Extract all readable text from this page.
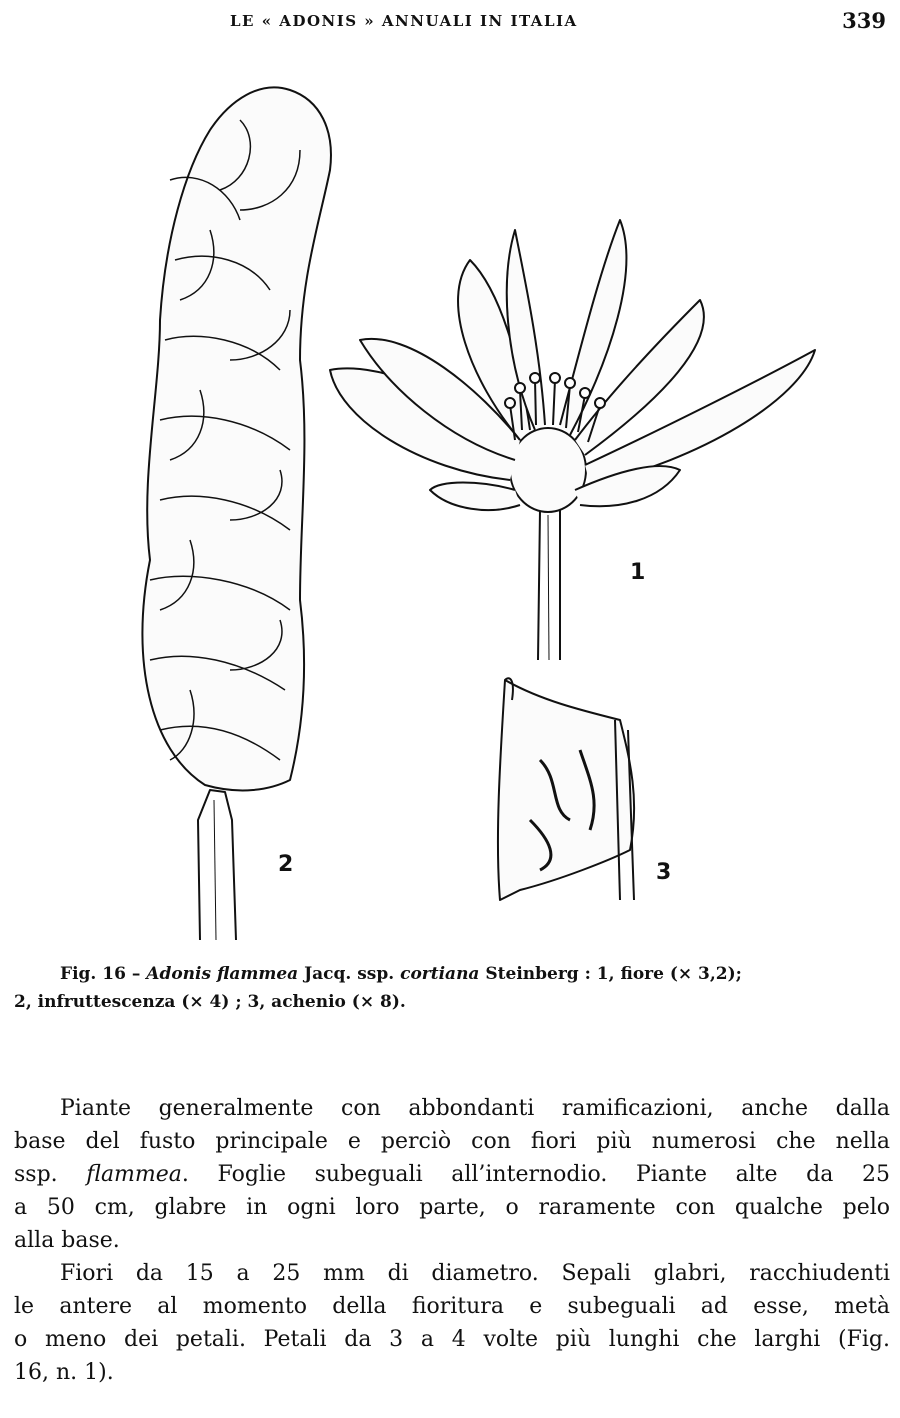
LE « ADONIS » ANNUALI IN ITALIA	339
1
2	3
Fig. 16 – Adonis flammea Jacq. ssp. cortiana Steinberg : 1, fiore (× 3,2);
2, infruttescenza (× 4) ; 3, achenio (× 8).

Piante generalmente con abbondanti ramificazioni, anche dalla
base del fusto principale e perciò con fiori più numerosi che nella
ssp. flammea. Foglie subeguali all’internodio. Piante alte da 25
a 50 cm, glabre in ogni loro parte, o raramente con qualche pelo
alla base.

Fiori da 15 a 25 mm di diametro. Sepali glabri, racchiudenti
le antere al momento della fioritura e subeguali ad esse, metà
o meno dei petali. Petali da 3 a 4 volte più lunghi che larghi (Fig.
16, n. 1).
